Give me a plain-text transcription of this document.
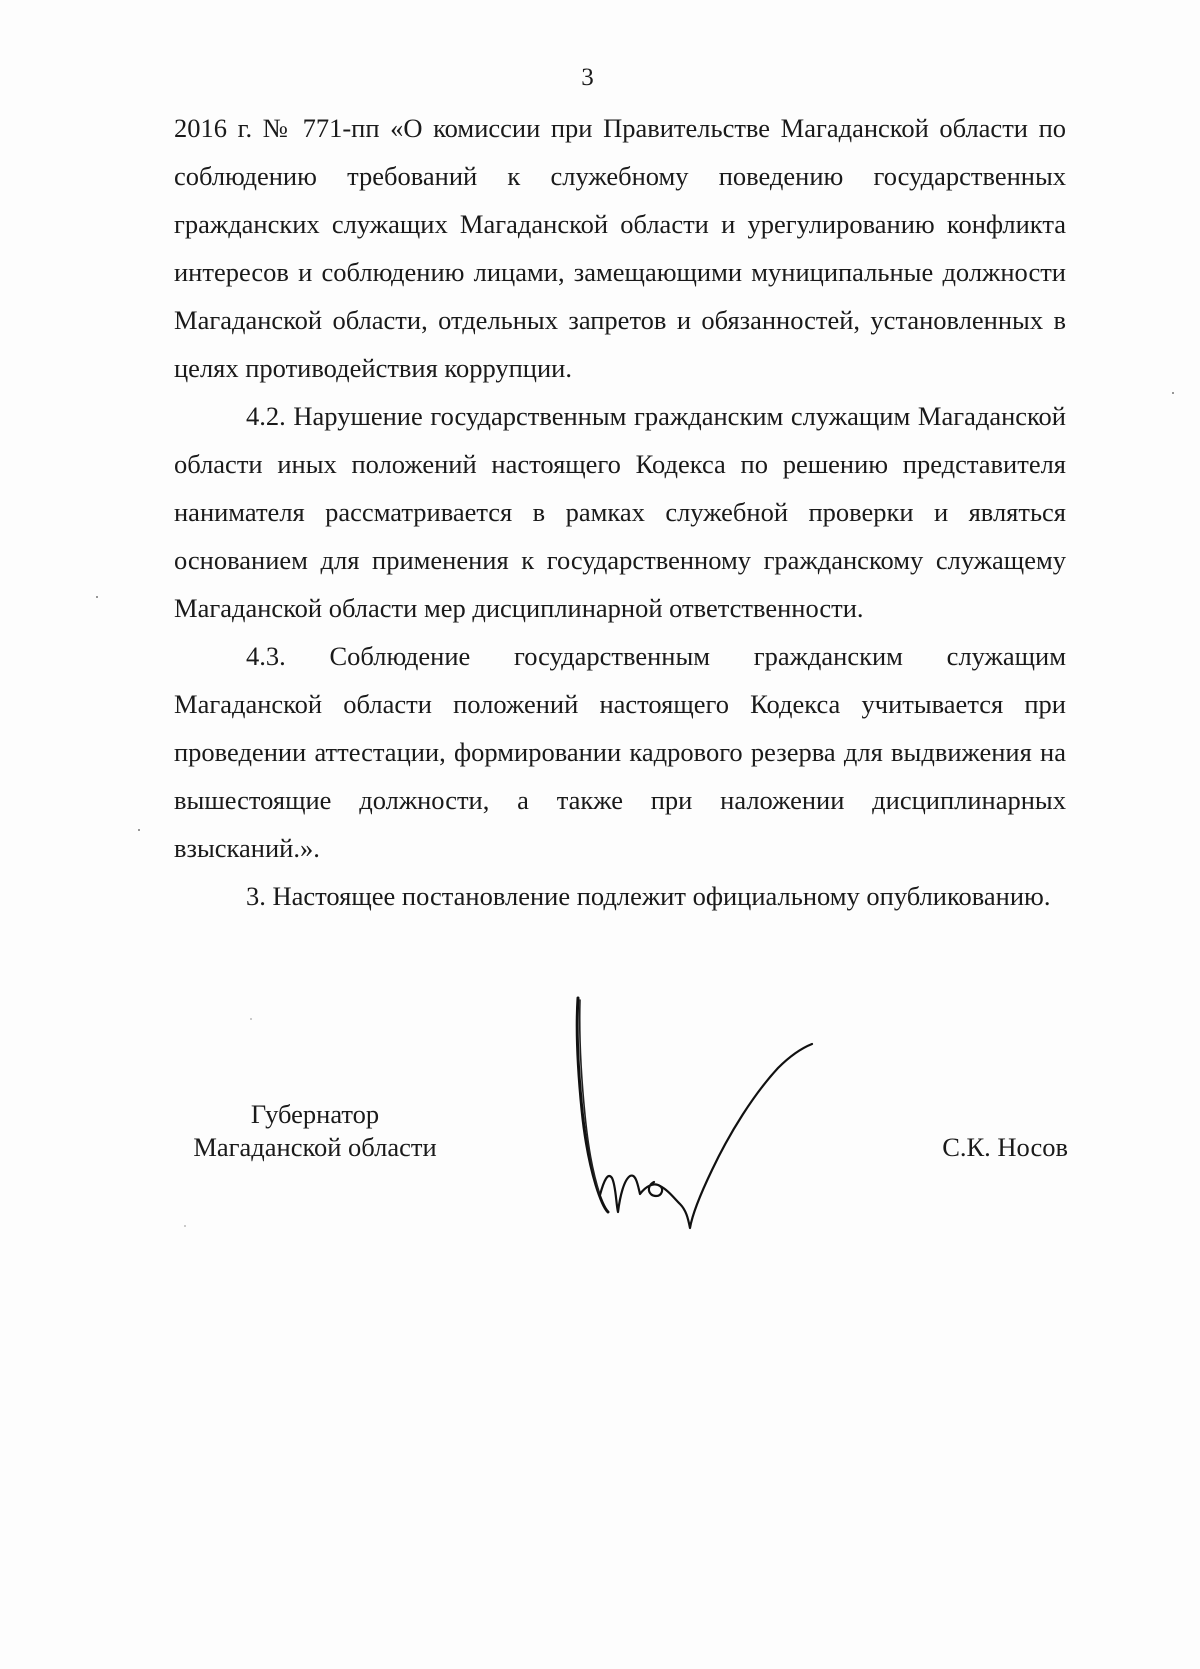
3

2016 г. № 771-пп «О комиссии при Правительстве Магаданской области по соблюдению требований к служебному поведению государственных гражданских служащих Магаданской области и урегулированию конфликта интересов и соблюдению лицами, замещающими муниципальные должности Магаданской области, отдельных запретов и обязанностей, установленных в целях противодействия коррупции.

4.2. Нарушение государственным гражданским служащим Магаданской области иных положений настоящего Кодекса по решению представителя нанимателя рассматривается в рамках служебной проверки и являться основанием для применения к государственному гражданскому служащему Магаданской области мер дисциплинарной ответственности.

4.3. Соблюдение государственным гражданским служащим Магаданской области положений настоящего Кодекса учитывается при проведении аттестации, формировании кадрового резерва для выдвижения на вышестоящие должности, а также при наложении дисциплинарных взысканий.».

3. Настоящее постановление подлежит официальному опубликованию.

Губернатор
Магаданской области	С.К. Носов
